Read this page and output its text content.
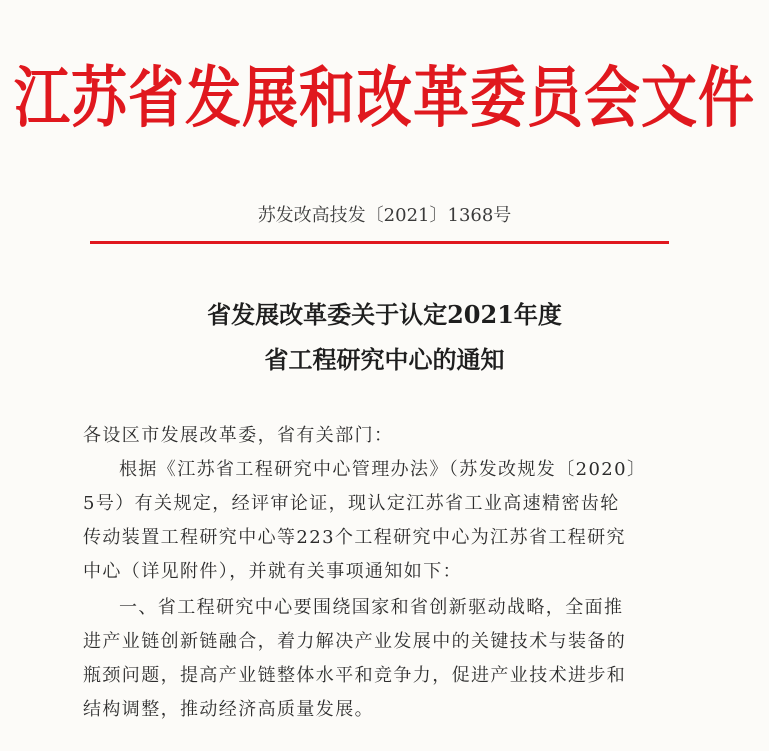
江苏省发展和改革委员会文件
苏发改高技发〔2021〕1368号
省发展改革委关于认定2021年度
省工程研究中心的通知
各设区市发展改革委，省有关部门：
根据《江苏省工程研究中心管理办法》（苏发改规发〔2020〕
5号）有关规定，经评审论证，现认定江苏省工业高速精密齿轮
传动装置工程研究中心等223个工程研究中心为江苏省工程研究
中心（详见附件），并就有关事项通知如下：
一、省工程研究中心要围绕国家和省创新驱动战略，全面推
进产业链创新链融合，着力解决产业发展中的关键技术与装备的
瓶颈问题，提高产业链整体水平和竞争力，促进产业技术进步和
结构调整，推动经济高质量发展。
